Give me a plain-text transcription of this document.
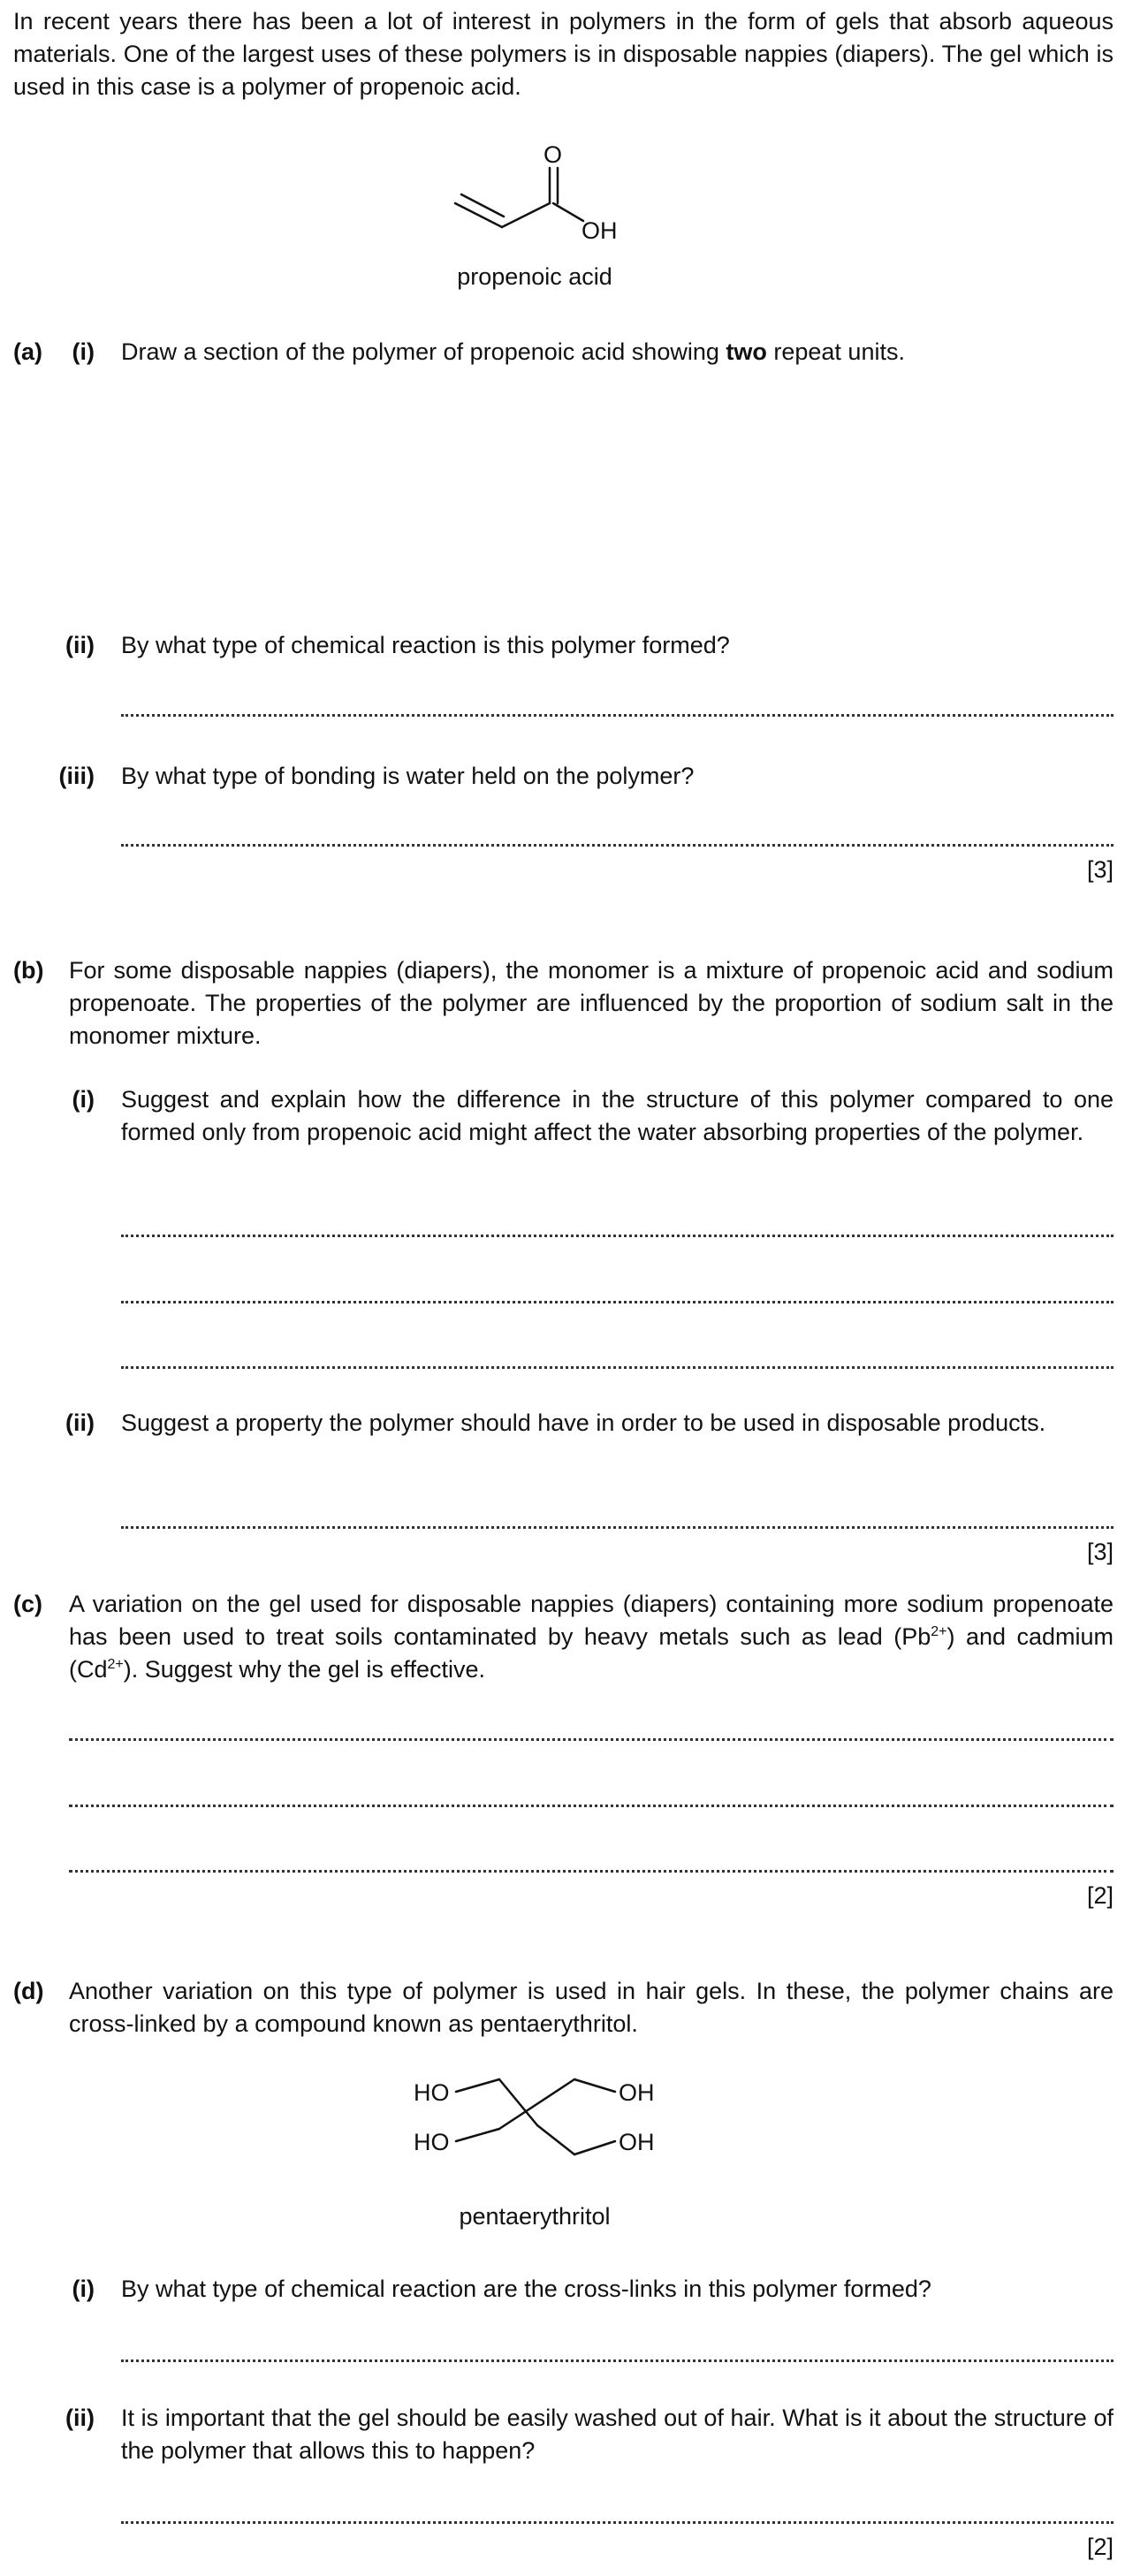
In recent years there has been a lot of interest in polymers in the form of gels that absorb aqueous materials. One of the largest uses of these polymers is in disposable nappies (diapers). The gel which is used in this case is a polymer of propenoic acid.

O
OH
propenoic acid
(a)	(i) Draw a section of the polymer of propenoic acid showing two repeat units.

(ii) By what type of chemical reaction is this polymer formed?

(iii) By what type of bonding is water held on the polymer?

[3]
(b) For some disposable nappies (diapers), the monomer is a mixture of propenoic acid and sodium propenoate. The properties of the polymer are influenced by the proportion of sodium salt in the monomer mixture.

(i) Suggest and explain how the difference in the structure of this polymer compared to one formed only from propenoic acid might affect the water absorbing properties of the polymer.

(ii) Suggest a property the polymer should have in order to be used in disposable products.

[3]
(c) A variation on the gel used for disposable nappies (diapers) containing more sodium propenoate has been used to treat soils contaminated by heavy metals such as lead $(Pb^{2+})$ and cadmium $(Cd^{2+})$. Suggest why the gel is effective.

[2]
(d) Another variation on this type of polymer is used in hair gels. In these, the polymer chains are cross-linked by a compound known as pentaerythritol.

HO
HO
OH
OH
pentaerythritol
(i) By what type of chemical reaction are the cross-links in this polymer formed?

(ii) It is important that the gel should be easily washed out of hair. What is it about the structure of the polymer that allows this to happen?

[2]
